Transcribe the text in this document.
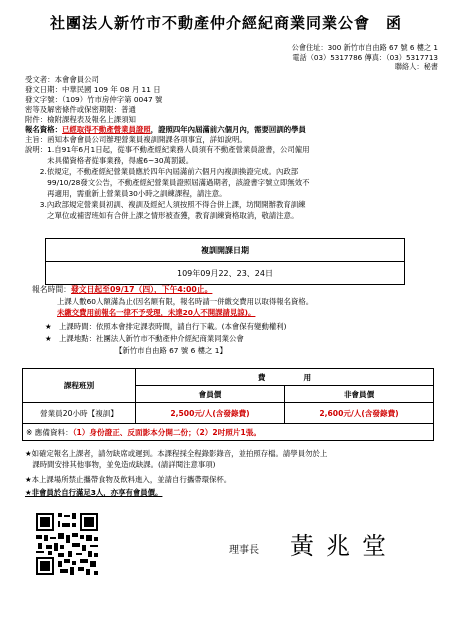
社團法人新竹市不動產仲介經紀商業同業公會　函
公會住址：300 新竹市自由路 67 號 6 樓之 1
電話（03）5317786 傳真：（03）5317713
聯絡人：秘書
受文者：本會會員公司
發文日期：中華民國 109 年 08 月 11 日
發文字號：（109）竹市房仲字第 0047 號
密等及解密條件或保密期限：普通
附件：檢附課程表及報名上課須知
報名資格：已經取得不動產營業員證照，證照四年內屆滿前六個月內，需要回訓的學員
主旨：函知本會會員公司辦理營業員複訓開課各項事宜，詳如說明。
說明：1.自91年6月1日起，從事不動產經紀業務人員須有不動產營業員證書，公司僱用
　　　未具備資格者從事業務，得處6~30萬罰鍰。
　　2.依規定，不動產經紀營業員應於四年內屆滿前六個月內複訓換證完成。內政部
　　　99/10/28發文公告，不動產經紀營業員證照屆滿過期者，該證書字號立即無效不
　　　再適用，需重新上營業員30小時之訓練課程，請注意。
　　3.內政部規定營業員初訓、複訓及經紀人須按照不得合併上課，坊間開辦教育訓練
　　　之單位或補習班如有合併上課之情形被查獲，教育訓練資格取消，敬請注意。
複訓開課日期
109年09月22、23、24日
報名時間：發文日起至09/17（四），下午4:00止。
上課人數60人額滿為止(因名額有限，報名時請一併繳交費用以取得報名資格。
未繳交費用前報名一律不予受理，未達20人不開課請見諒)。
★　上課時間：依照本會排定課表時間，請自行下載。(本會保有變動權利)
★　上課地點：社團法人新竹市不動產仲介經紀商業同業公會
【新竹市自由路 67 號 6 樓之 1】
課程班別	費　　　　　用	
	會員價	非會員價
營業員20小時【複訓】	2,500元/人(含發錄費)	2,600元/人(含發錄費)
※ 應備資料：（1）身份證正、反面影本分開二份；（2）2吋照片1張。		
★如確定報名上課者，請勿缺席或遲到。本課程採全程錄影錄音，並拍照存檔。請學員勿於上
　課時間安排其他事物，並免造成缺課。(請詳閱注意事項)
★本上課場所禁止攜帶食物及飲料進入，並請自行攜帶環保杯。
★非會員於自行滿足3人，亦享有會員價。
理事長 黃兆堂
